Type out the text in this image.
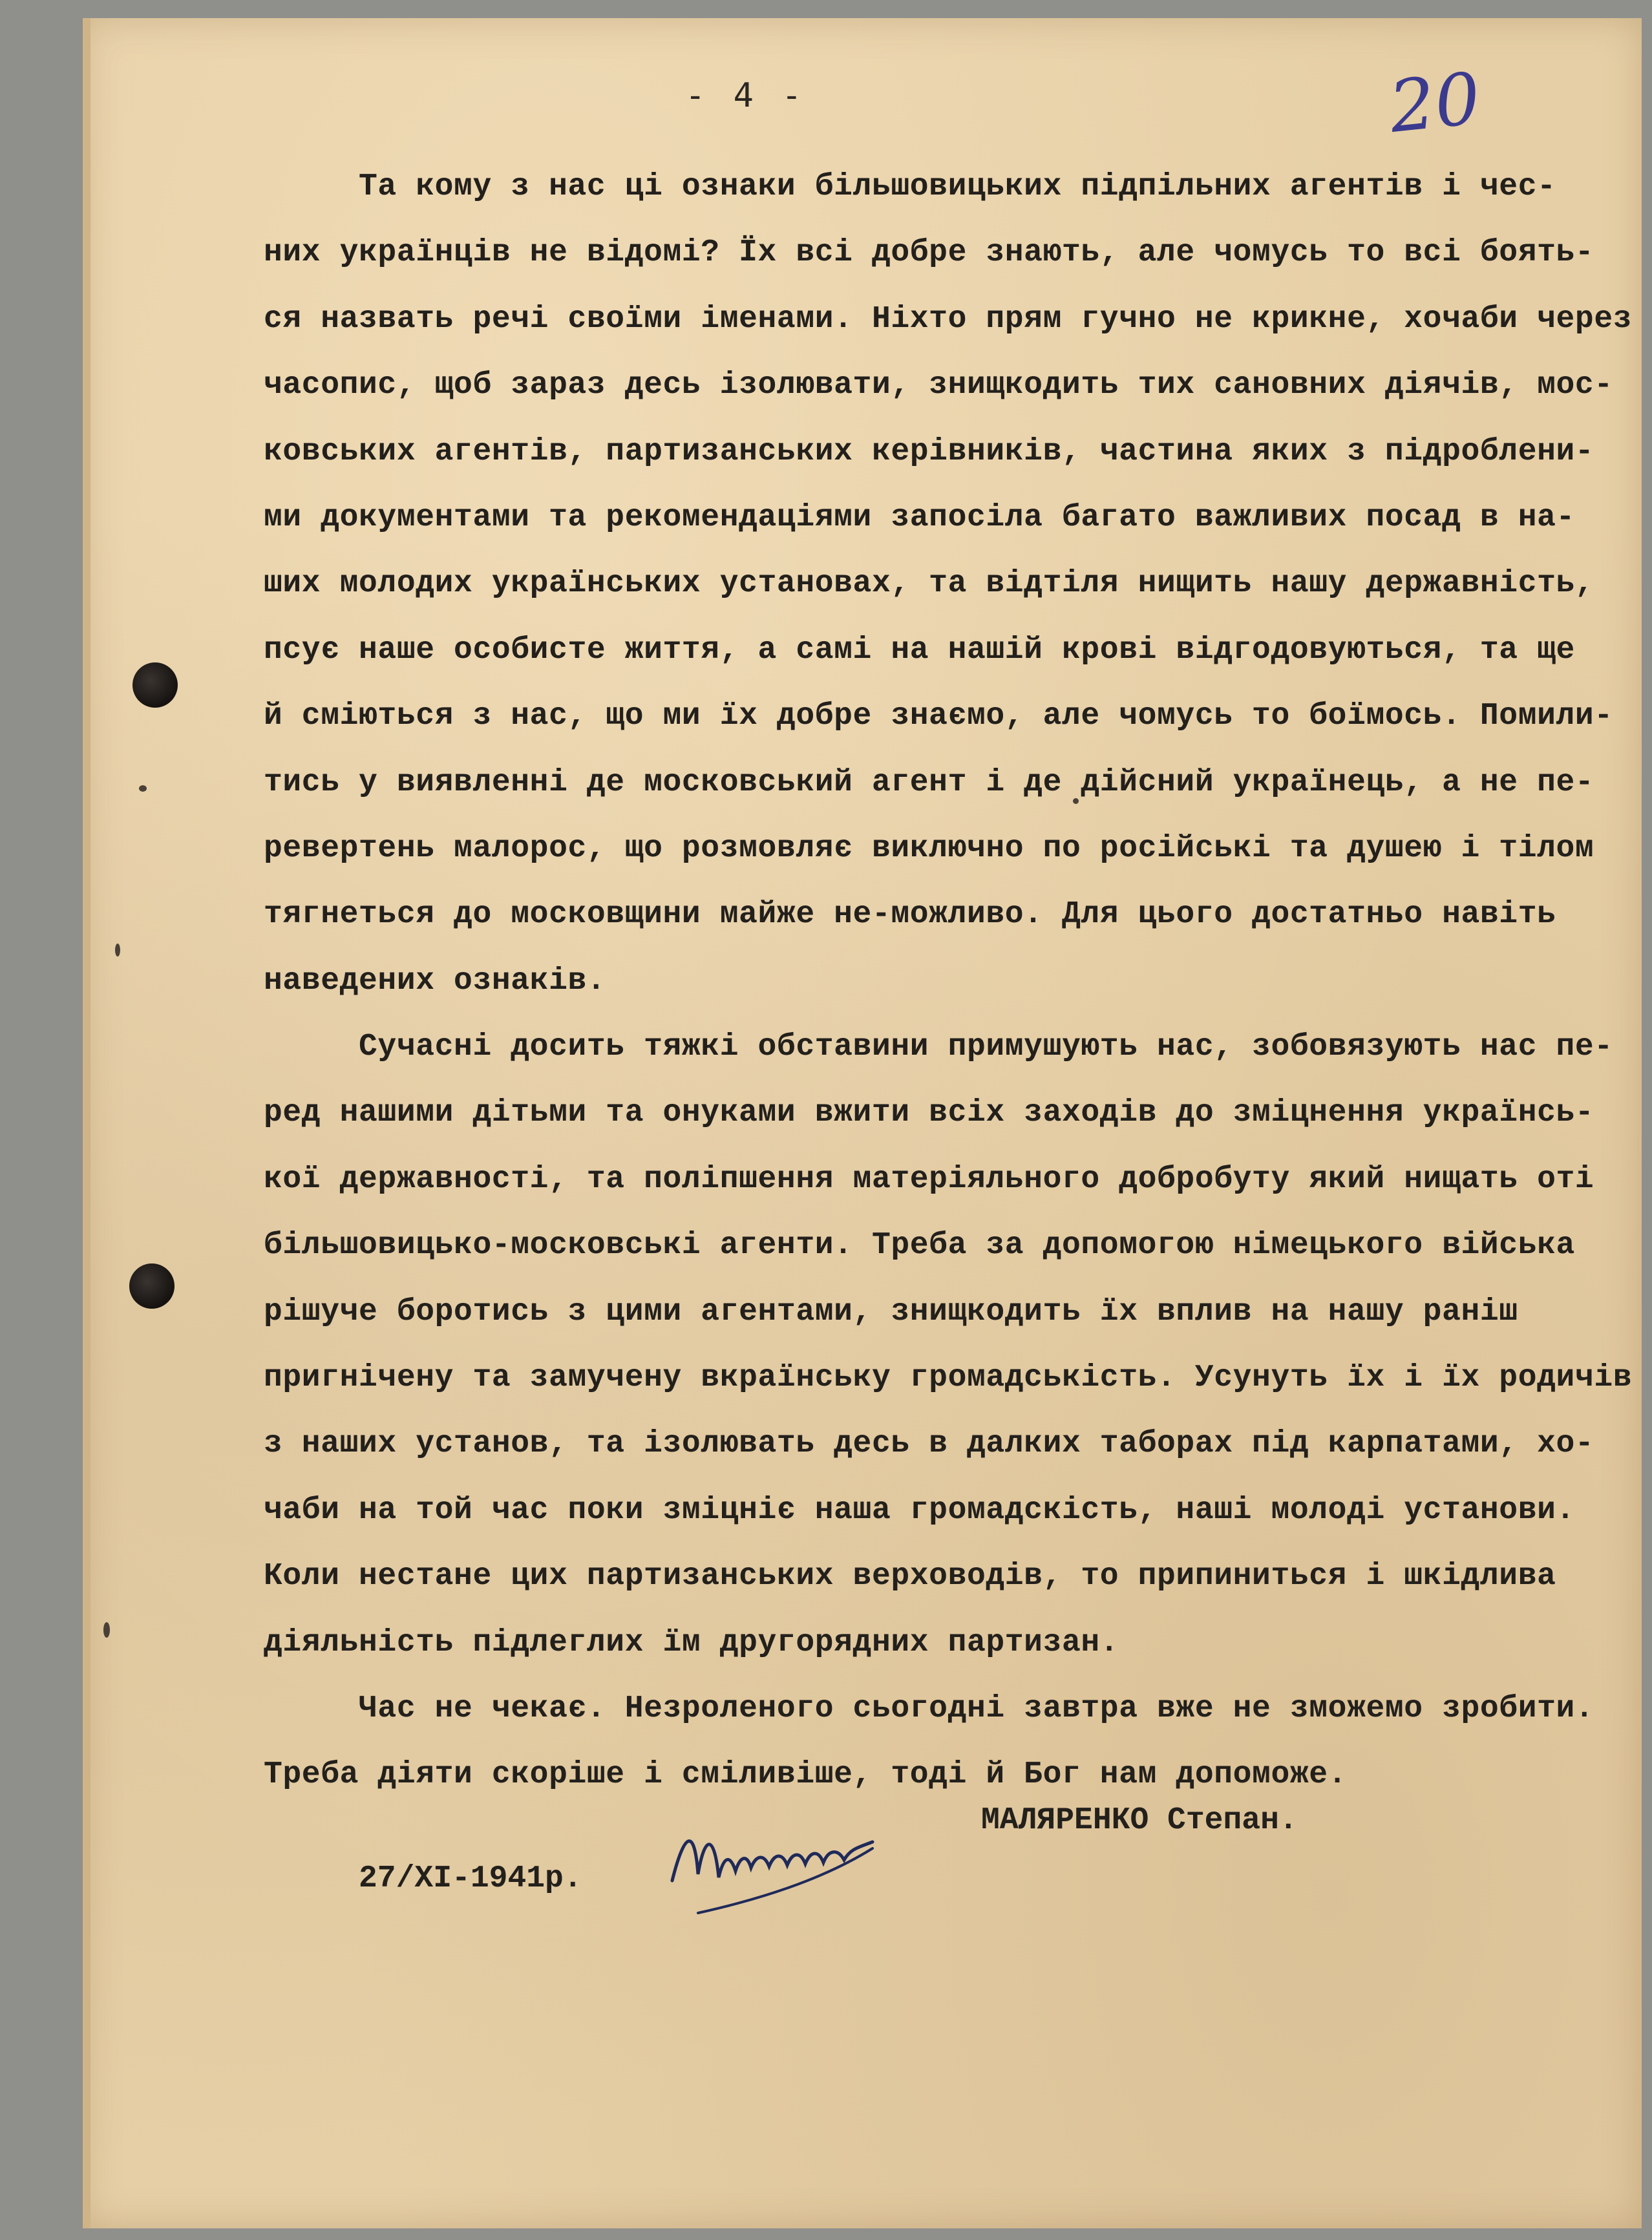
- 4 -	20
Та кому з нас ці ознаки більшовицьких підпільних агентів і чес-
них українців не відомі? Їх всі добре знають, але чомусь то всі боять-
ся назвать речі своїми іменами. Ніхто прям гучно не крикне, хочаби через
часопис, щоб зараз десь ізолювати, знищкодить тих сановних діячів, мос-
ковських агентів, партизанських керівників, частина яких з підроблени-
ми документами та рекомендаціями запосіла багато важливих посад в на-
ших молодих українських установах, та відтіля нищить нашу державність,
псує наше особисте життя, а самі на нашій крові відгодовуються, та ще
й сміються з нас, що ми їх добре знаємо, але чомусь то боїмось. Помили-
тись у виявленні де московський агент і де дійсний українець, а не пе-
ревертень малорос, що розмовляє виключно по російські та душею і тілом
тягнеться до московщини майже не-можливо. Для цього достатньо навіть
наведених ознаків.
Сучасні досить тяжкі обставини примушують нас, зобовязують нас пе-
ред нашими дітьми та онуками вжити всіх заходів до зміцнення українсь-
кої державності, та поліпшення матеріяльного добробуту який нищать оті
більшовицько-московські агенти. Треба за допомогою німецького війська
рішуче боротись з цими агентами, знищкодить їх вплив на нашу раніш
пригнічену та замучену вкраїнську громадськість. Усунуть їх і їх родичів
з наших установ, та ізолювать десь в далких таборах під карпатами, хо-
чаби на той час поки зміцніє наша громадскість, наші молоді установи.
Коли нестане цих партизанських верховодів, то припиниться і шкідлива
діяльність підлеглих їм другорядних партизан.
Час не чекає. Незроленого сьогодні завтра вже не зможемо зробити.
Треба діяти скоріше і сміливіше, тоді й Бог нам допоможе.
МАЛЯРЕНКО Степан.
27/XI-1941р.
